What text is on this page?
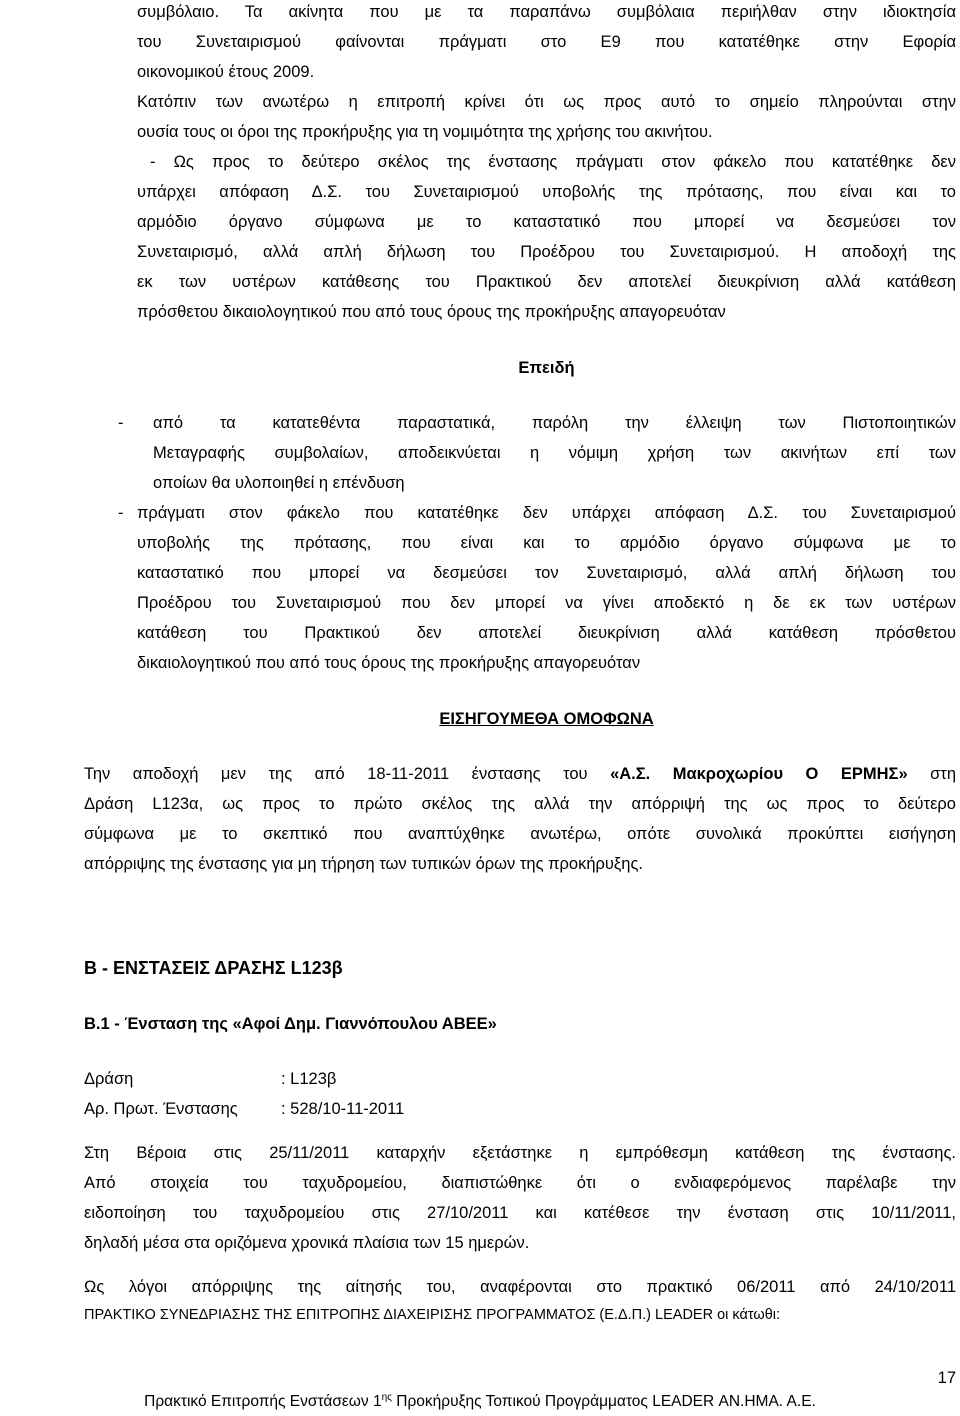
συμβόλαιο. Τα ακίνητα που με τα παραπάνω συμβόλαια περιήλθαν στην ιδιοκτησία
του Συνεταιρισμού φαίνονται πράγματι στο Ε9 που κατατέθηκε στην Εφορία
οικονομικού έτους 2009.
Κατόπιν των ανωτέρω η επιτροπή κρίνει ότι ως προς αυτό το σημείο πληρούνται στην
ουσία τους οι όροι της προκήρυξης για τη νομιμότητα της χρήσης του ακινήτου.
- Ως προς το δεύτερο σκέλος της ένστασης πράγματι στον φάκελο που κατατέθηκε δεν
υπάρχει απόφαση Δ.Σ. του Συνεταιρισμού υποβολής της πρότασης, που είναι και το
αρμόδιο όργανο σύμφωνα με το καταστατικό που μπορεί να δεσμεύσει τον
Συνεταιρισμό, αλλά απλή δήλωση του Προέδρου του Συνεταιρισμού. Η αποδοχή της
εκ των υστέρων κατάθεσης του Πρακτικού δεν αποτελεί διευκρίνιση αλλά κατάθεση
πρόσθετου δικαιολογητικού που από τους όρους της προκήρυξης απαγορευόταν
Επειδή
- από τα κατατεθέντα παραστατικά, παρόλη την έλλειψη των Πιστοποιητικών
Μεταγραφής συμβολαίων, αποδεικνύεται η νόμιμη χρήση των ακινήτων επί των
οποίων θα υλοποιηθεί η επένδυση
- πράγματι στον φάκελο που κατατέθηκε δεν υπάρχει απόφαση Δ.Σ. του Συνεταιρισμού
υποβολής της πρότασης, που είναι και το αρμόδιο όργανο σύμφωνα με το
καταστατικό που μπορεί να δεσμεύσει τον Συνεταιρισμό, αλλά απλή δήλωση του
Προέδρου του Συνεταιρισμού που δεν μπορεί να γίνει αποδεκτό η δε εκ των υστέρων
κατάθεση του Πρακτικού δεν αποτελεί διευκρίνιση αλλά κατάθεση πρόσθετου
δικαιολογητικού που από τους όρους της προκήρυξης απαγορευόταν
ΕΙΣΗΓΟΥΜΕΘΑ ΟΜΟΦΩΝΑ
Την αποδοχή μεν της από 18-11-2011 ένστασης του «Α.Σ. Μακροχωρίου Ο ΕΡΜΗΣ» στη
Δράση L123α, ως προς το πρώτο σκέλος της αλλά την απόρριψή της ως προς το δεύτερο
σύμφωνα με το σκεπτικό που αναπτύχθηκε ανωτέρω, οπότε συνολικά προκύπτει εισήγηση
απόρριψης της ένστασης για μη τήρηση των τυπικών όρων της προκήρυξης.
Β - ΕΝΣΤΑΣΕΙΣ ΔΡΑΣΗΣ L123β
Β.1 - Ένσταση της «Αφοί Δημ. Γιαννόπουλου ΑΒΕΕ»
Δράση	: L123β
Αρ. Πρωτ. Ένστασης	: 528/10-11-2011
Στη Βέροια στις 25/11/2011 καταρχήν εξετάστηκε η εμπρόθεσμη κατάθεση της ένστασης.
Από στοιχεία του ταχυδρομείου, διαπιστώθηκε ότι ο ενδιαφερόμενος παρέλαβε την
ειδοποίηση του ταχυδρομείου στις 27/10/2011 και κατέθεσε την ένσταση στις 10/11/2011,
δηλαδή μέσα στα οριζόμενα χρονικά πλαίσια των 15 ημερών.
Ως λόγοι απόρριψης της αίτησής του, αναφέρονται στο πρακτικό 06/2011 από 24/10/2011
ΠΡΑΚΤΙΚΟ ΣΥΝΕΔΡΙΑΣΗΣ ΤΗΣ ΕΠΙΤΡΟΠΗΣ ΔΙΑΧΕΙΡΙΣΗΣ ΠΡΟΓΡΑΜΜΑΤΟΣ (Ε.Δ.Π.) LEADER οι κάτωθι:
17
Πρακτικό Επιτροπής Ενστάσεων $1^{\eta\varsigma}$ Προκήρυξης Τοπικού Προγράμματος LEADER ΑΝ.ΗΜΑ. Α.Ε.
